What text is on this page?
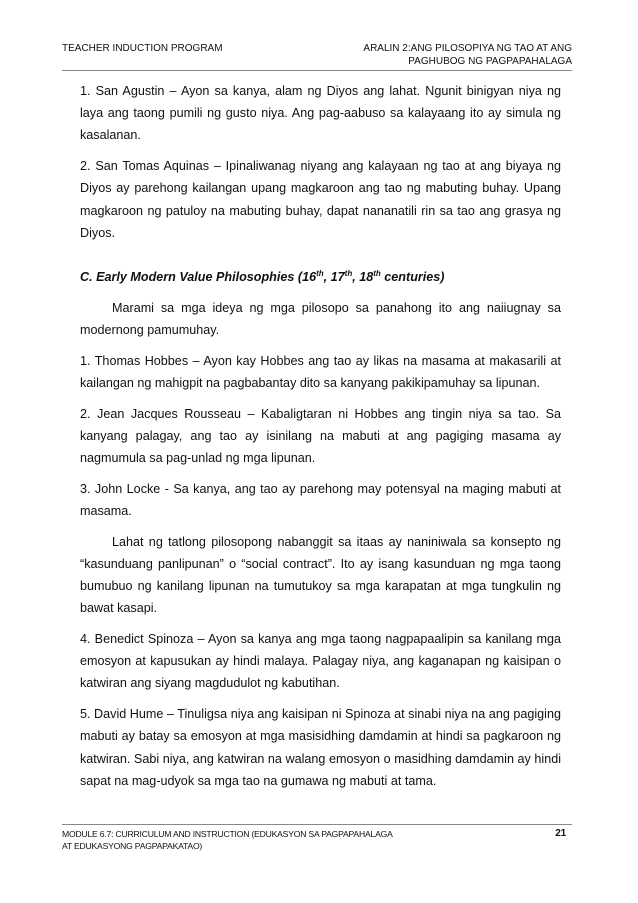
TEACHER INDUCTION PROGRAM	ARALIN 2:ANG PILOSOPIYA NG TAO AT ANG
PAGHUBOG NG PAGPAPAHALAGA

1. San Agustin – Ayon sa kanya, alam ng Diyos ang lahat. Ngunit binigyan niya ng laya ang taong pumili ng gusto niya. Ang pag-aabuso sa kalayaang ito ay simula ng kasalanan.

2. San Tomas Aquinas – Ipinaliwanag niyang ang kalayaan ng tao at ang biyaya ng Diyos ay parehong kailangan upang magkaroon ang tao ng mabuting buhay. Upang magkaroon ng patuloy na mabuting buhay, dapat nananatili rin sa tao ang grasya ng Diyos.

C. Early Modern Value Philosophies (16th, 17th, 18th centuries)

Marami sa mga ideya ng mga pilosopo sa panahong ito ang naiiugnay sa modernong pamumuhay.

1. Thomas Hobbes – Ayon kay Hobbes ang tao ay likas na masama at makasarili at kailangan ng mahigpit na pagbabantay dito sa kanyang pakikipamuhay sa lipunan.

2. Jean Jacques Rousseau – Kabaligtaran ni Hobbes ang tingin niya sa tao. Sa kanyang palagay, ang tao ay isinilang na mabuti at ang pagiging masama ay nagmumula sa pag-unlad ng mga lipunan.

3. John Locke - Sa kanya, ang tao ay parehong may potensyal na maging mabuti at masama.

Lahat ng tatlong pilosopong nabanggit sa itaas ay naniniwala sa konsepto ng “kasunduang panlipunan” o “social contract”. Ito ay isang kasunduan ng mga taong bumubuo ng kanilang lipunan na tumutukoy sa mga karapatan at mga tungkulin ng bawat kasapi.

4. Benedict Spinoza – Ayon sa kanya ang mga taong nagpapaalipin sa kanilang mga emosyon at kapusukan ay hindi malaya. Palagay niya, ang kaganapan ng kaisipan o katwiran ang siyang magdudulot ng kabutihan.

5. David Hume – Tinuligsa niya ang kaisipan ni Spinoza at sinabi niya na ang pagiging mabuti ay batay sa emosyon at mga masisidhing damdamin at hindi sa pagkaroon ng katwiran. Sabi niya, ang katwiran na walang emosyon o masidhing damdamin ay hindi sapat na mag-udyok sa mga tao na gumawa ng mabuti at tama.

MODULE 6.7: CURRICULUM AND INSTRUCTION (EDUKASYON SA PAGPAPAHALAGA
AT EDUKASYONG PAGPAPAKATAO)
21
